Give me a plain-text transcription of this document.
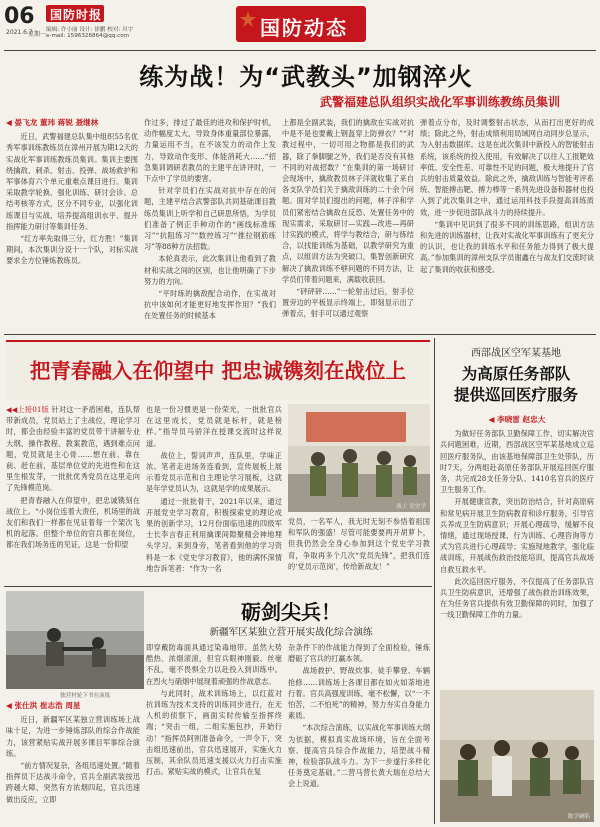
06
2021.6.7
星期一
国防时报
编辑: 许小丽 设计: 徐鹏 校对: 川宇
e-mail: 1596326864@qq.com	国防动态
练为战！为“武教头”加钢淬火
武警福建总队组织实战化军事训练教练员集训
◀ 晏飞龙 董玮 蒋锐 聂继林

近日，武警福建总队集中组织55名优秀军事训练教练员在漳州开展为期12天的实战化军事训练教练员集训。集训主要围绕擒敌、刺杀、射击、投弹、战场救护和军事体育六个单元重难点课目进行。集训采取教学轮换、强化训练、研讨会诊、总结考核等方式，区分不同专业，以强化训练课目与实战、培养提高组训水平、提升指挥能力研讨等集训任务。

“红方率先取得三分，红方胜！”集训期间，本次集训分设十一个队，对标实战要求全方位锤炼教练员。

作过多，排过了最佳的进攻和保护时机，动作幅度太大，导致身体重量部位暴露，力量运用不当，在不该发力的动作上发力，导致动作变形、体能消耗大……“招急集训调研表教员的主建平在讲评时，一下点中了学员的要害。

针对学员们在实战对抗中存在的问题，主建平结合武警部队共同基础课目教练员集训上听学和自己研思所悟，为学员们准备了例正手种动作的“画线标准练习”“抗阻练习”“数控练习”“推拉钢筋练习”等88种方法招数。

本轮真表示，此次集训让他看到了教材和实战之间的区别，也让他明确了下步努力的方向。

“平时练的擒敌配合动作，在实战对抗中该如何才能更好地发挥作用？”我们在处置任务的时候基本

上都是全副武装，我们的擒敌在实战对抗中是不是也要戴上钢盔穿上防弹衣？”“对教过程中，一切可用之物都是我们的武器，除了拳脚腿之外，我们是否没有其他不同的对战招数？”在集训的第一场研讨会现场中，擒敌教员林子洋就收集了来自各支队学员们关于擒敌训练的二十余个问题。面对学员们提出的问题，林子洋和学员们紧密结合擒敌在反恐、处置任务中的现实需求，采取研讨—实践—改进—再研讨实践的模式，将学与教结合，研与练结合，以找能训练为基础，以教学研究为重点，以组训方法为突破口，集智创新研究解决了擒敌训练不够问题的不同方法，让学员们带着问题来，满载收获回。

“砰砰砰……”一轮射击过后，射手位置旁边的平板显示终端上，即刻显示出了弹着点，射手可以通过观察

弹着点分布，及时调整射击状态，从而打出更好的成绩；除此之外，射击成绩利用局域网自动同步总显示，为入射击数据库。这是在此次集训中新投入的智能射击系统，该系统的投入使用，有效解决了以往人工报靶效率低、安全性差、可靠性不足的问题，极大地提升了官兵的射击质量效益。除此之外，擒敌训练与智能考评系统、智能搏击靶、搏力棒等一系列先进设备和器材也投入到了此次集训之中，通过运用科技手段提高训练质效，进一步促进部队战斗力的持续提升。

“集训中见识到了很多不同的训练思路，组训方法和先进的训练器材，让我对实战化军事训练有了更充分的认识，也让我的训练水平和任务能力得到了极大提高。”参加集训的漳州支队学员谢鑫在与战友们交流时谈起了集训的收获和感受。

把青春融入在仰望中 把忠诚镌刻在战位上

◀◀上接01版 针对这一矛盾困难，连队帮带新成员，党员站上了主战位，理论学习时，都会由经验丰富的党员带干讲解专业大纲、操作教程、教案教范，遇到难点问题，党员就是主心骨……想在前、靠在前、赶在前，基层单位党的先进性和在这里生根发芽，一批批优秀党员在这里走向了先锋模范岗。

把青春融入在仰望中，把忠诚镌刻在战位上。“小岗位连着大责任，机场里的战友们和我们一样都在见证着每一个架次飞机的起落。但整个单位的官兵都在岗位，都在我们场务连的见证，这是一份仰望

也是一份习惯更是一份荣光，一批批官兵在这里成长，党员就是标杆，就是榜样。”指导员马骄洋在授课交流时这样说道。

战位上，誓词声声，连队里，学味正浓。笔者走进场务连看到，宣传展板上展示着党员示范和自主理论学习展板，这就是年学党员认为，这就是学的成果展示。

通过一批批骨干，2021年以来，通过开展党史学习教育，积极探索党的理论成果的创新学习，12月份面临迅速的四级军士长李言春正利用擒课间隙聚精会神地埋头学习。来到身旁，笔者看到他的学习资料是一本《党史学习教育》，他的满怀深情地告诉笔者：“作为一名

战士 党史学

党员，一名军人，我无时无刻不参悟着祖国和军队的强盛！尽管可能要要两开胡萝卜，但我仍然会全身心参加到这个党史学习教育，争取再多个几次“党员先锋”，把我们连的‘党员示范岗’，传给新战友！”

西部战区空军某基地
为高原任务部队
提供巡回医疗服务
◀ 李晓雷 赵忠大

为做好任务部队卫勤保障工作，切实解决官兵问题困难，近期，西部战区空军某基地成立巡回医疗服务队，由该基地保障部卫生处带队，历时7天，分两组赴高原任务部队开展巡回医疗服务，共完成28支任务分队、1410名官兵的医疗卫生服务工作。

开展健康宣教，突出防治结合，针对高原病和常见病开展卫生防病教育和诊疗服务，引导官兵养成卫生防病意识；开展心理疏导，缓解不良情绪，通过现场授课、行为训练、心理咨询等方式为官兵进行心理疏导；实施现地教学，强化临战训练，开展战伤救治技能培训，提高官兵战场自救互救水平。

此次巡回医疗服务，不仅提高了任务部队官兵卫生防病意识，还增强了战伤救治训练效果，在为任务官兵提供有效卫勤保障的同时，加强了一线卫勤保障工作的力量。

数学硬陷
独营村轮下书在演练
砺剑尖兵！
新疆军区某独立营开展实战化综合演练
◀ 张仕洪 崔志浩 周星

近日，新疆军区某独立营训练场上战味十足，为进一步锤炼部队的综合作战能力，该营紧贴实战开展多课目军事综合演练。

“前方情况复杂，各组迅速处置。”随着指挥员下达战斗命令，官兵全副武装按迅跨越大障、突然有方浓烟四起，官兵迅速做出反应，立即

即穿戴防毒面具通过染毒地带。虽然大势酷热、浓烟滚滚，但官兵眼神刚毅、丝毫不乱，毫不畏惧全力以赴投入到训练中。在烈火与硝烟中展现着顽强的作战意志。

与此同时，战术训练场上，以红蓝对抗训练为技术支持的训练同步进行，在无人机的侦察下，画面实时传输至指挥终端；“突击一组，二组实施包抄，开始行动！”指挥员阿则准备命令，一声令下，突击组迅速前出，官兵迅速展开，实施火力压制，其余队员迅速支援以火力打击实施打击。紧贴实战的模式，让官兵在复

杂条件下的作战能力得到了全面检验，锤炼磨砺了官兵的打赢本领。

战场救护、野战炊事、徒手攀登、车辆抢修……训练场上各课目都在如火如荼地进行着。官兵高强度训练，毫不松懈，以“一不怕苦，二不怕死”的精神，努力夯实自身能力素质。

“本次综合演练，以实战化军事训练大纲为依据，模拟真实战场环境，旨在全面考察、提高官兵综合作战能力，培塑战斗精神，检验部队战斗力。为下一步遂行多样化任务奠定基础。”二营马营长黄大瑞在总结大会上说道。
